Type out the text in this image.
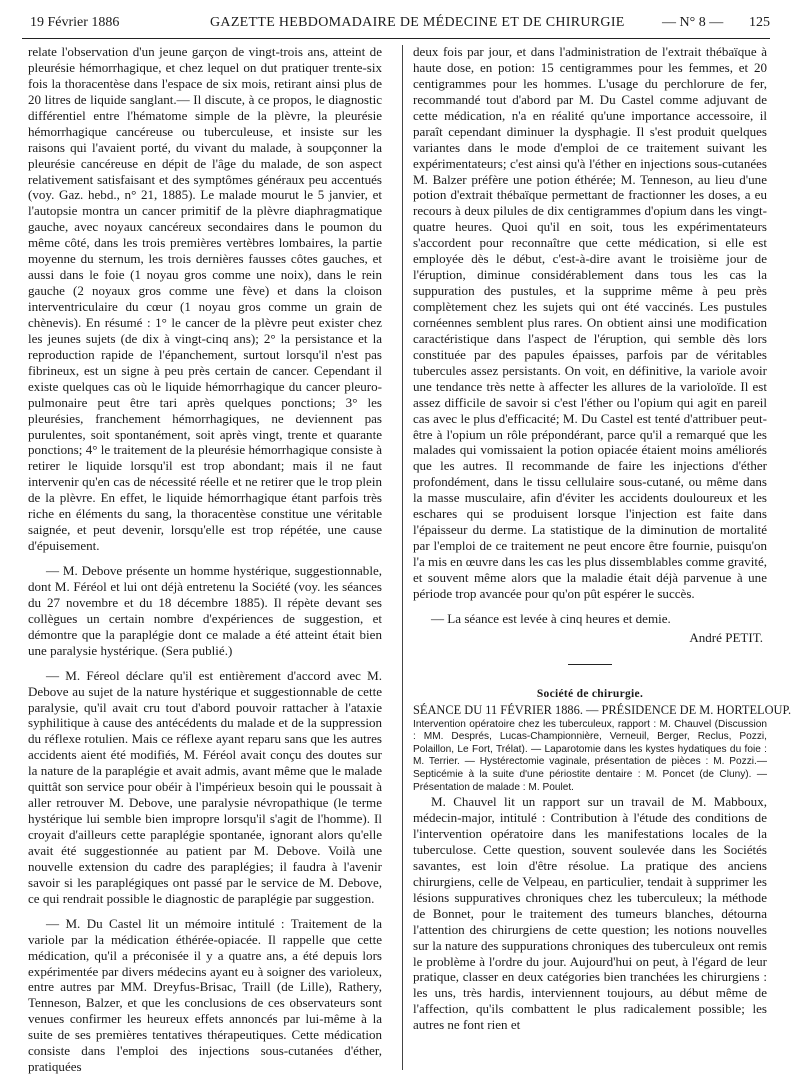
19 Février 1886	GAZETTE HEBDOMADAIRE DE MÉDECINE ET DE CHIRURGIE	— N° 8 — 125

relate l'observation d'un jeune garçon de vingt-trois ans, atteint de pleurésie hémorrhagique, et chez lequel on dut pratiquer trente-six fois la thoracentèse dans l'espace de six mois, retirant ainsi plus de 20 litres de liquide sanglant.— Il discute, à ce propos, le diagnostic différentiel entre l'hématome simple de la plèvre, la pleurésie hémorrhagique cancéreuse ou tuberculeuse, et insiste sur les raisons qui l'avaient porté, du vivant du malade, à soupçonner la pleurésie cancéreuse en dépit de l'âge du malade, de son aspect relativement satisfaisant et des symptômes généraux peu accentués (voy. Gaz. hebd., n° 21, 1885). Le malade mourut le 5 janvier, et l'autopsie montra un cancer primitif de la plèvre diaphragmatique gauche, avec noyaux cancéreux secondaires dans le poumon du même côté, dans les trois premières vertèbres lombaires, la partie moyenne du sternum, les trois dernières fausses côtes gauches, et aussi dans le foie (1 noyau gros comme une noix), dans le rein gauche (2 noyaux gros comme une fève) et dans la cloison interventriculaire du cœur (1 noyau gros comme un grain de chènevis). En résumé : 1° le cancer de la plèvre peut exister chez les jeunes sujets (de dix à vingt-cinq ans); 2° la persistance et la reproduction rapide de l'épanchement, surtout lorsqu'il n'est pas fibrineux, est un signe à peu près certain de cancer. Cependant il existe quelques cas où le liquide hémorrhagique du cancer pleuro-pulmonaire peut être tari après quelques ponctions; 3° les pleurésies, franchement hémorrhagiques, ne deviennent pas purulentes, soit spontanément, soit après vingt, trente et quarante ponctions; 4° le traitement de la pleurésie hémorrhagique consiste à retirer le liquide lorsqu'il est trop abondant; mais il ne faut intervenir qu'en cas de nécessité réelle et ne retirer que le trop plein de la plèvre. En effet, le liquide hémorrhagique étant parfois très riche en éléments du sang, la thoracentèse constitue une véritable saignée, et peut devenir, lorsqu'elle est trop répétée, une cause d'épuisement.

— M. Debove présente un homme hystérique, suggestionnable, dont M. Féréol et lui ont déjà entretenu la Société (voy. les séances du 27 novembre et du 18 décembre 1885). Il répète devant ses collègues un certain nombre d'expériences de suggestion, et démontre que la paraplégie dont ce malade a été atteint était bien une paralysie hystérique. (Sera publié.)

— M. Féreol déclare qu'il est entièrement d'accord avec M. Debove au sujet de la nature hystérique et suggestionnable de cette paralysie, qu'il avait cru tout d'abord pouvoir rattacher à l'ataxie syphilitique à cause des antécédents du malade et de la suppression du réflexe rotulien. Mais ce réflexe ayant reparu sans que les autres accidents aient été modifiés, M. Féréol avait conçu des doutes sur la nature de la paraplégie et avait admis, avant même que le malade quittât son service pour obéir à l'impérieux besoin qui le poussait à aller retrouver M. Debove, une paralysie névropathique (le terme hystérique lui semble bien impropre lorsqu'il s'agit de l'homme). Il croyait d'ailleurs cette paraplégie spontanée, ignorant alors qu'elle avait été suggestionnée au patient par M. Debove. Voilà une nouvelle extension du cadre des paraplégies; il faudra à l'avenir savoir si les paraplégiques ont passé par le service de M. Debove, ce qui rendrait possible le diagnostic de paraplégie par suggestion.

— M. Du Castel lit un mémoire intitulé : Traitement de la variole par la médication éthérée-opiacée. Il rappelle que cette médication, qu'il a préconisée il y a quatre ans, a été depuis lors expérimentée par divers médecins ayant eu à soigner des varioleux, entre autres par MM. Dreyfus-Brisac, Traill (de Lille), Rathery, Tenneson, Balzer, et que les conclusions de ces observateurs sont venues confirmer les heureux effets annoncés par lui-même à la suite de ses premières tentatives thérapeutiques. Cette médication consiste dans l'emploi des injections sous-cutanées d'éther, pratiquées

deux fois par jour, et dans l'administration de l'extrait thébaïque à haute dose, en potion: 15 centigrammes pour les femmes, et 20 centigrammes pour les hommes. L'usage du perchlorure de fer, recommandé tout d'abord par M. Du Castel comme adjuvant de cette médication, n'a en réalité qu'une importance accessoire, il paraît cependant diminuer la dysphagie. Il s'est produit quelques variantes dans le mode d'emploi de ce traitement suivant les expérimentateurs; c'est ainsi qu'à l'éther en injections sous-cutanées M. Balzer préfère une potion éthérée; M. Tenneson, au lieu d'une potion d'extrait thébaïque permettant de fractionner les doses, a eu recours à deux pilules de dix centigrammes d'opium dans les vingt-quatre heures. Quoi qu'il en soit, tous les expérimentateurs s'accordent pour reconnaître que cette médication, si elle est employée dès le début, c'est-à-dire avant le troisième jour de l'éruption, diminue considérablement dans tous les cas la suppuration des pustules, et la supprime même à peu près complètement chez les sujets qui ont été vaccinés. Les pustules cornéennes semblent plus rares. On obtient ainsi une modification caractéristique dans l'aspect de l'éruption, qui semble dès lors constituée par des papules épaisses, parfois par de véritables tubercules assez persistants. On voit, en définitive, la variole avoir une tendance très nette à affecter les allures de la varioloïde. Il est assez difficile de savoir si c'est l'éther ou l'opium qui agit en pareil cas avec le plus d'efficacité; M. Du Castel est tenté d'attribuer peut-être à l'opium un rôle prépondérant, parce qu'il a remarqué que les malades qui vomissaient la potion opiacée étaient moins améliorés que les autres. Il recommande de faire les injections d'éther profondément, dans le tissu cellulaire sous-cutané, ou même dans la masse musculaire, afin d'éviter les accidents douloureux et les eschares qui se produisent lorsque l'injection est faite dans l'épaisseur du derme. La statistique de la diminution de mortalité par l'emploi de ce traitement ne peut encore être fournie, puisqu'on l'a mis en œuvre dans les cas les plus dissemblables comme gravité, et souvent même alors que la maladie était déjà parvenue à une période trop avancée pour qu'on pût espérer le succès.

— La séance est levée à cinq heures et demie.

André PETIT.

Société de chirurgie.

SÉANCE DU 11 FÉVRIER 1886. — PRÉSIDENCE DE M. HORTELOUP.

Intervention opératoire chez les tuberculeux, rapport : M. Chauvel (Discussion : MM. Després, Lucas-Championnière, Verneuil, Berger, Reclus, Pozzi, Polaillon, Le Fort, Trélat). — Laparotomie dans les kystes hydatiques du foie : M. Terrier. — Hystérectomie vaginale, présentation de pièces : M. Pozzi.— Septicémie à la suite d'une périostite dentaire : M. Poncet (de Cluny). — Présentation de malade : M. Poulet.

M. Chauvel lit un rapport sur un travail de M. Mabboux, médecin-major, intitulé : Contribution à l'étude des conditions de l'intervention opératoire dans les manifestations locales de la tuberculose. Cette question, souvent soulevée dans les Sociétés savantes, est loin d'être résolue. La pratique des anciens chirurgiens, celle de Velpeau, en particulier, tendait à supprimer les lésions suppuratives chroniques chez les tuberculeux; la méthode de Bonnet, pour le traitement des tumeurs blanches, détourna l'attention des chirurgiens de cette question; les notions nouvelles sur la nature des suppurations chroniques des tuberculeux ont remis le problème à l'ordre du jour. Aujourd'hui on peut, à l'égard de leur pratique, classer en deux catégories bien tranchées les chirurgiens : les uns, très hardis, interviennent toujours, au début même de l'affection, qu'ils combattent le plus radicalement possible; les autres ne font rien et
